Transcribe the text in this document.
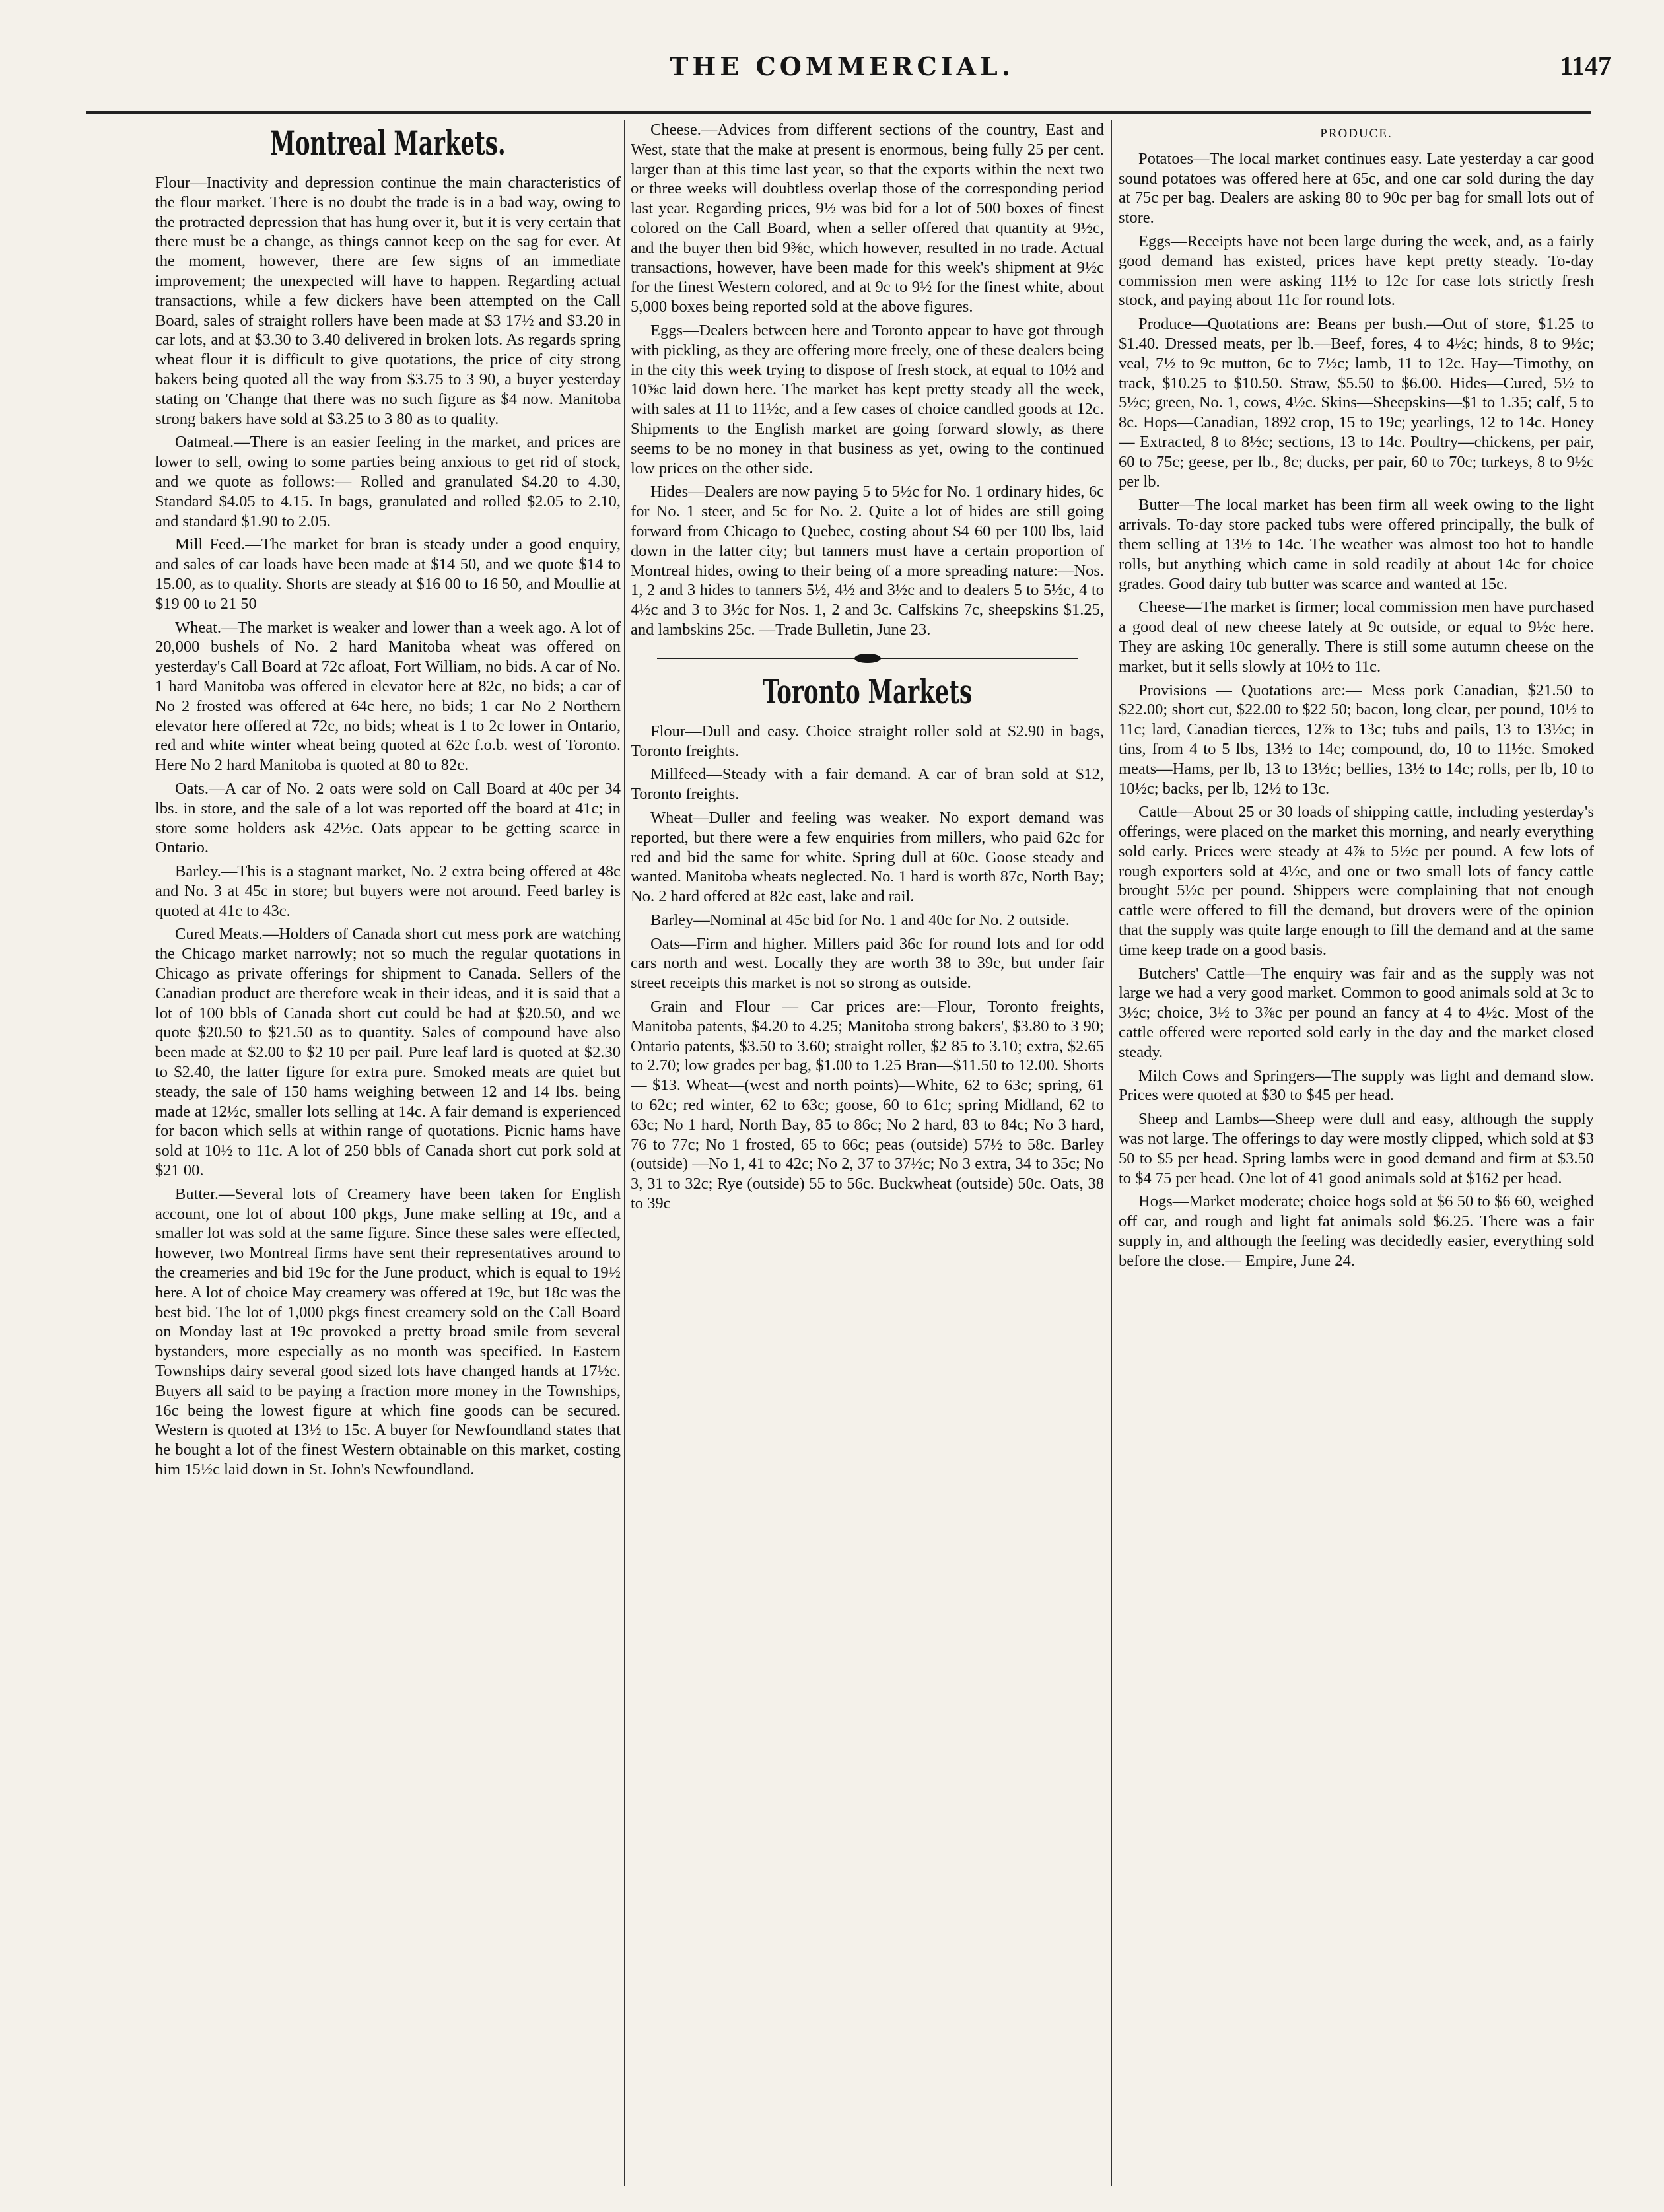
THE COMMERCIAL.	1147
Montreal Markets.

Flour—Inactivity and depression continue the main characteristics of the flour market. There is no doubt the trade is in a bad way, owing to the protracted depression that has hung over it, but it is very certain that there must be a change, as things cannot keep on the sag for ever. At the moment, however, there are few signs of an immediate improvement; the unexpected will have to happen. Regarding actual transactions, while a few dickers have been attempted on the Call Board, sales of straight rollers have been made at $3 17½ and $3.20 in car lots, and at $3.30 to 3.40 delivered in broken lots. As regards spring wheat flour it is difficult to give quotations, the price of city strong bakers being quoted all the way from $3.75 to 3 90, a buyer yesterday stating on 'Change that there was no such figure as $4 now. Manitoba strong bakers have sold at $3.25 to 3 80 as to quality.

Oatmeal.—There is an easier feeling in the market, and prices are lower to sell, owing to some parties being anxious to get rid of stock, and we quote as follows:— Rolled and granulated $4.20 to 4.30, Standard $4.05 to 4.15. In bags, granulated and rolled $2.05 to 2.10, and standard $1.90 to 2.05.

Mill Feed.—The market for bran is steady under a good enquiry, and sales of car loads have been made at $14 50, and we quote $14 to 15.00, as to quality. Shorts are steady at $16 00 to 16 50, and Moullie at $19 00 to 21 50

Wheat.—The market is weaker and lower than a week ago. A lot of 20,000 bushels of No. 2 hard Manitoba wheat was offered on yesterday's Call Board at 72c afloat, Fort William, no bids. A car of No. 1 hard Manitoba was offered in elevator here at 82c, no bids; a car of No 2 frosted was offered at 64c here, no bids; 1 car No 2 Northern elevator here offered at 72c, no bids; wheat is 1 to 2c lower in Ontario, red and white winter wheat being quoted at 62c f.o.b. west of Toronto. Here No 2 hard Manitoba is quoted at 80 to 82c.

Oats.—A car of No. 2 oats were sold on Call Board at 40c per 34 lbs. in store, and the sale of a lot was reported off the board at 41c; in store some holders ask 42½c. Oats appear to be getting scarce in Ontario.

Barley.—This is a stagnant market, No. 2 extra being offered at 48c and No. 3 at 45c in store; but buyers were not around. Feed barley is quoted at 41c to 43c.

Cured Meats.—Holders of Canada short cut mess pork are watching the Chicago market narrowly; not so much the regular quotations in Chicago as private offerings for shipment to Canada. Sellers of the Canadian product are therefore weak in their ideas, and it is said that a lot of 100 bbls of Canada short cut could be had at $20.50, and we quote $20.50 to $21.50 as to quantity. Sales of compound have also been made at $2.00 to $2 10 per pail. Pure leaf lard is quoted at $2.30 to $2.40, the latter figure for extra pure. Smoked meats are quiet but steady, the sale of 150 hams weighing between 12 and 14 lbs. being made at 12½c, smaller lots selling at 14c. A fair demand is experienced for bacon which sells at within range of quotations. Picnic hams have sold at 10½ to 11c. A lot of 250 bbls of Canada short cut pork sold at $21 00.

Butter.—Several lots of Creamery have been taken for English account, one lot of about 100 pkgs, June make selling at 19c, and a smaller lot was sold at the same figure. Since these sales were effected, however, two Montreal firms have sent their representatives around to the creameries and bid 19c for the June product, which is equal to 19½ here. A lot of choice May creamery was offered at 19c, but 18c was the best bid. The lot of 1,000 pkgs finest creamery sold on the Call Board on Monday last at 19c provoked a pretty broad smile from several bystanders, more especially as no month was specified. In Eastern Townships dairy several good sized lots have changed hands at 17½c. Buyers all said to be paying a fraction more money in the Townships, 16c being the lowest figure at which fine goods can be secured. Western is quoted at 13½ to 15c. A buyer for Newfoundland states that he bought a lot of the finest Western obtainable on this market, costing him 15½c laid down in St. John's Newfoundland.

Cheese.—Advices from different sections of the country, East and West, state that the make at present is enormous, being fully 25 per cent. larger than at this time last year, so that the exports within the next two or three weeks will doubtless overlap those of the corresponding period last year. Regarding prices, 9½ was bid for a lot of 500 boxes of finest colored on the Call Board, when a seller offered that quantity at 9½c, and the buyer then bid 9⅜c, which however, resulted in no trade. Actual transactions, however, have been made for this week's shipment at 9½c for the finest Western colored, and at 9c to 9½ for the finest white, about 5,000 boxes being reported sold at the above figures.

Eggs—Dealers between here and Toronto appear to have got through with pickling, as they are offering more freely, one of these dealers being in the city this week trying to dispose of fresh stock, at equal to 10½ and 10⅝c laid down here. The market has kept pretty steady all the week, with sales at 11 to 11½c, and a few cases of choice candled goods at 12c. Shipments to the English market are going forward slowly, as there seems to be no money in that business as yet, owing to the continued low prices on the other side.

Hides—Dealers are now paying 5 to 5½c for No. 1 ordinary hides, 6c for No. 1 steer, and 5c for No. 2. Quite a lot of hides are still going forward from Chicago to Quebec, costing about $4 60 per 100 lbs, laid down in the latter city; but tanners must have a certain proportion of Montreal hides, owing to their being of a more spreading nature:—Nos. 1, 2 and 3 hides to tanners 5½, 4½ and 3½c and to dealers 5 to 5½c, 4 to 4½c and 3 to 3½c for Nos. 1, 2 and 3c. Calfskins 7c, sheepskins $1.25, and lambskins 25c. —Trade Bulletin, June 23.

Toronto Markets

Flour—Dull and easy. Choice straight roller sold at $2.90 in bags, Toronto freights.

Millfeed—Steady with a fair demand. A car of bran sold at $12, Toronto freights.

Wheat—Duller and feeling was weaker. No export demand was reported, but there were a few enquiries from millers, who paid 62c for red and bid the same for white. Spring dull at 60c. Goose steady and wanted. Manitoba wheats neglected. No. 1 hard is worth 87c, North Bay; No. 2 hard offered at 82c east, lake and rail.

Barley—Nominal at 45c bid for No. 1 and 40c for No. 2 outside.

Oats—Firm and higher. Millers paid 36c for round lots and for odd cars north and west. Locally they are worth 38 to 39c, but under fair street receipts this market is not so strong as outside.

Grain and Flour — Car prices are:—Flour, Toronto freights, Manitoba patents, $4.20 to 4.25; Manitoba strong bakers', $3.80 to 3 90; Ontario patents, $3.50 to 3.60; straight roller, $2 85 to 3.10; extra, $2.65 to 2.70; low grades per bag, $1.00 to 1.25 Bran—$11.50 to 12.00. Shorts — $13. Wheat—(west and north points)—White, 62 to 63c; spring, 61 to 62c; red winter, 62 to 63c; goose, 60 to 61c; spring Midland, 62 to 63c; No 1 hard, North Bay, 85 to 86c; No 2 hard, 83 to 84c; No 3 hard, 76 to 77c; No 1 frosted, 65 to 66c; peas (outside) 57½ to 58c. Barley (outside) —No 1, 41 to 42c; No 2, 37 to 37½c; No 3 extra, 34 to 35c; No 3, 31 to 32c; Rye (outside) 55 to 56c. Buckwheat (outside) 50c. Oats, 38 to 39c

PRODUCE.

Potatoes—The local market continues easy. Late yesterday a car good sound potatoes was offered here at 65c, and one car sold during the day at 75c per bag. Dealers are asking 80 to 90c per bag for small lots out of store.

Eggs—Receipts have not been large during the week, and, as a fairly good demand has existed, prices have kept pretty steady. To-day commission men were asking 11½ to 12c for case lots strictly fresh stock, and paying about 11c for round lots.

Produce—Quotations are: Beans per bush.—Out of store, $1.25 to $1.40. Dressed meats, per lb.—Beef, fores, 4 to 4½c; hinds, 8 to 9½c; veal, 7½ to 9c mutton, 6c to 7½c; lamb, 11 to 12c. Hay—Timothy, on track, $10.25 to $10.50. Straw, $5.50 to $6.00. Hides—Cured, 5½ to 5½c; green, No. 1, cows, 4½c. Skins—Sheepskins—$1 to 1.35; calf, 5 to 8c. Hops—Canadian, 1892 crop, 15 to 19c; yearlings, 12 to 14c. Honey — Extracted, 8 to 8½c; sections, 13 to 14c. Poultry—chickens, per pair, 60 to 75c; geese, per lb., 8c; ducks, per pair, 60 to 70c; turkeys, 8 to 9½c per lb.

Butter—The local market has been firm all week owing to the light arrivals. To-day store packed tubs were offered principally, the bulk of them selling at 13½ to 14c. The weather was almost too hot to handle rolls, but anything which came in sold readily at about 14c for choice grades. Good dairy tub butter was scarce and wanted at 15c.

Cheese—The market is firmer; local commission men have purchased a good deal of new cheese lately at 9c outside, or equal to 9½c here. They are asking 10c generally. There is still some autumn cheese on the market, but it sells slowly at 10½ to 11c.

Provisions — Quotations are:— Mess pork Canadian, $21.50 to $22.00; short cut, $22.00 to $22 50; bacon, long clear, per pound, 10½ to 11c; lard, Canadian tierces, 12⅞ to 13c; tubs and pails, 13 to 13½c; in tins, from 4 to 5 lbs, 13½ to 14c; compound, do, 10 to 11½c. Smoked meats—Hams, per lb, 13 to 13½c; bellies, 13½ to 14c; rolls, per lb, 10 to 10½c; backs, per lb, 12½ to 13c.

Cattle—About 25 or 30 loads of shipping cattle, including yesterday's offerings, were placed on the market this morning, and nearly everything sold early. Prices were steady at 4⅞ to 5½c per pound. A few lots of rough exporters sold at 4½c, and one or two small lots of fancy cattle brought 5½c per pound. Shippers were complaining that not enough cattle were offered to fill the demand, but drovers were of the opinion that the supply was quite large enough to fill the demand and at the same time keep trade on a good basis.

Butchers' Cattle—The enquiry was fair and as the supply was not large we had a very good market. Common to good animals sold at 3c to 3½c; choice, 3½ to 3⅞c per pound an fancy at 4 to 4½c. Most of the cattle offered were reported sold early in the day and the market closed steady.

Milch Cows and Springers—The supply was light and demand slow. Prices were quoted at $30 to $45 per head.

Sheep and Lambs—Sheep were dull and easy, although the supply was not large. The offerings to day were mostly clipped, which sold at $3 50 to $5 per head. Spring lambs were in good demand and firm at $3.50 to $4 75 per head. One lot of 41 good animals sold at $162 per head.

Hogs—Market moderate; choice hogs sold at $6 50 to $6 60, weighed off car, and rough and light fat animals sold $6.25. There was a fair supply in, and although the feeling was decidedly easier, everything sold before the close.— Empire, June 24.
